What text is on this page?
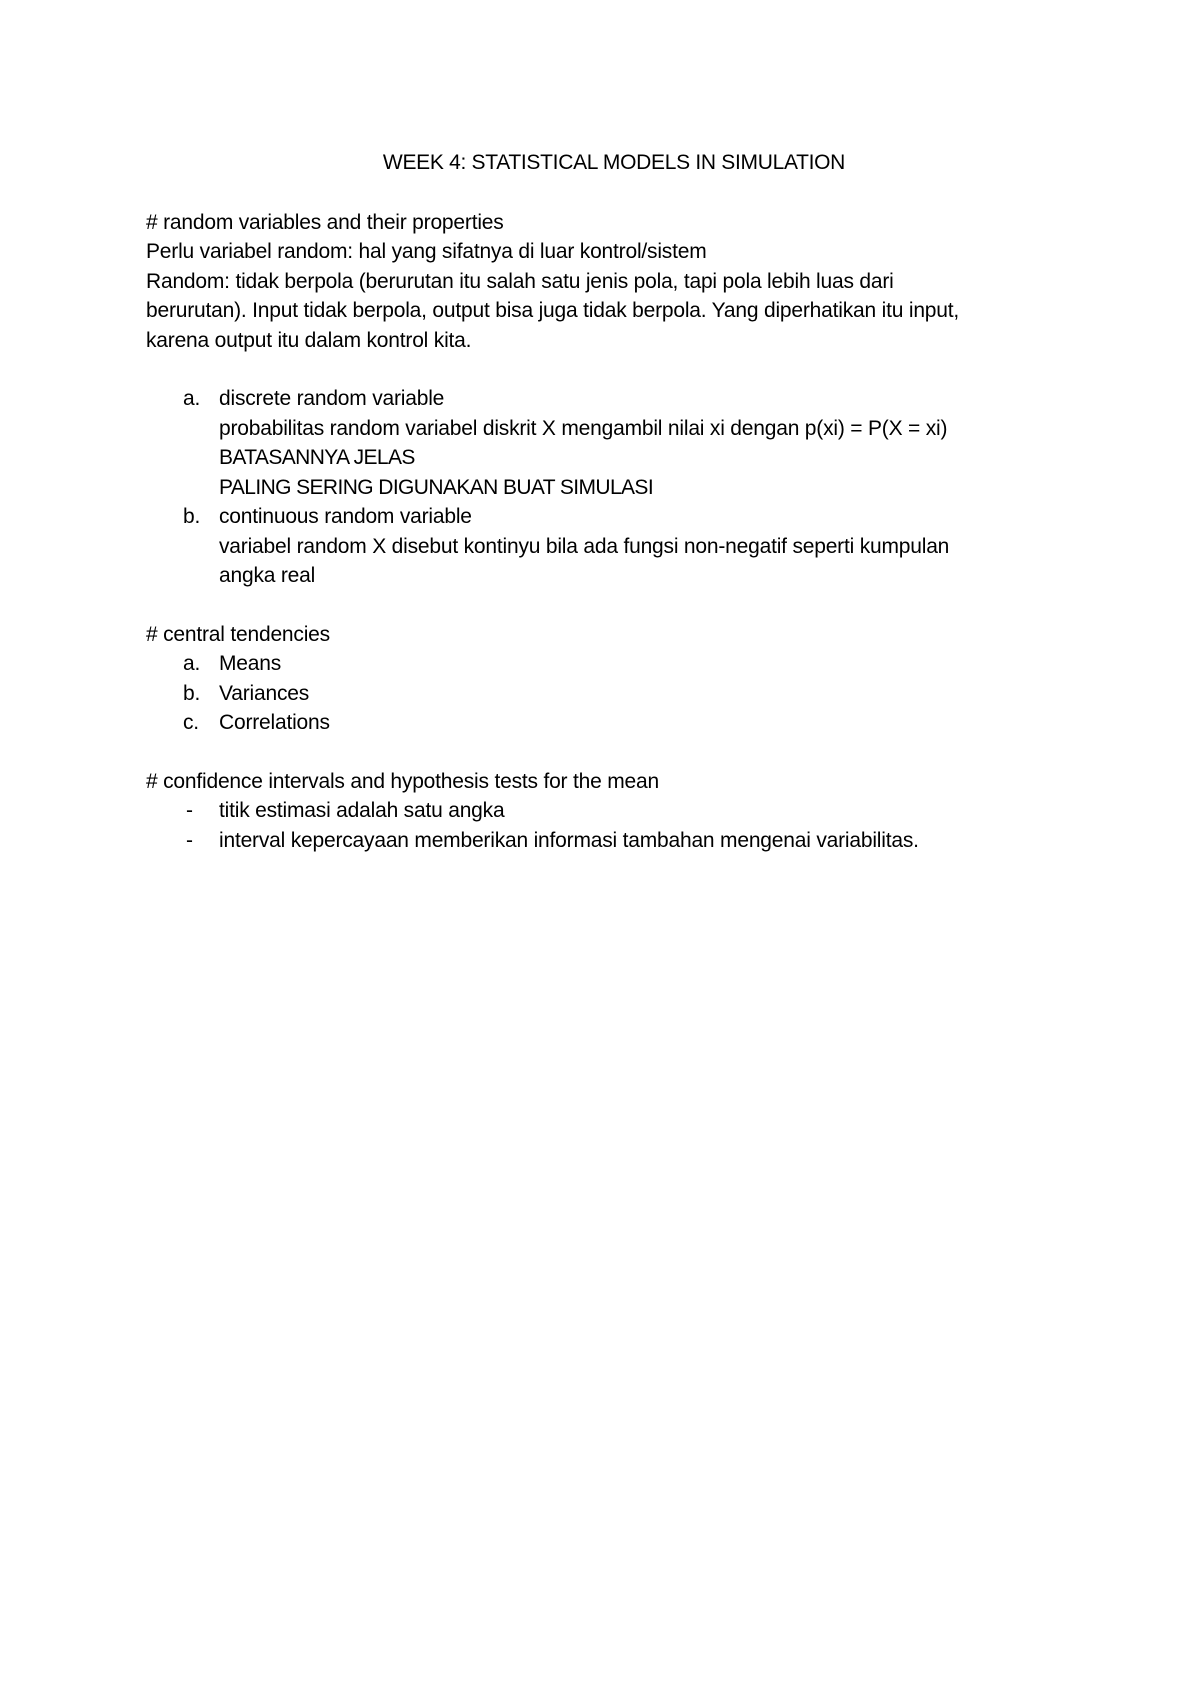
WEEK 4: STATISTICAL MODELS IN SIMULATION

# random variables and their properties

Perlu variabel random: hal yang sifatnya di luar kontrol/sistem

Random: tidak berpola (berurutan itu salah satu jenis pola, tapi pola lebih luas dari

berurutan). Input tidak berpola, output bisa juga tidak berpola. Yang diperhatikan itu input,

karena output itu dalam kontrol kita.

a. discrete random variable
probabilitas random variabel diskrit X mengambil nilai xi dengan p(xi) = P(X = xi)
BATASANNYA JELAS
PALING SERING DIGUNAKAN BUAT SIMULASI
b. continuous random variable
variabel random X disebut kontinyu bila ada fungsi non-negatif seperti kumpulan
angka real

# central tendencies

a. Means
b. Variances
c. Correlations

# confidence intervals and hypothesis tests for the mean

- titik estimasi adalah satu angka
- interval kepercayaan memberikan informasi tambahan mengenai variabilitas.
